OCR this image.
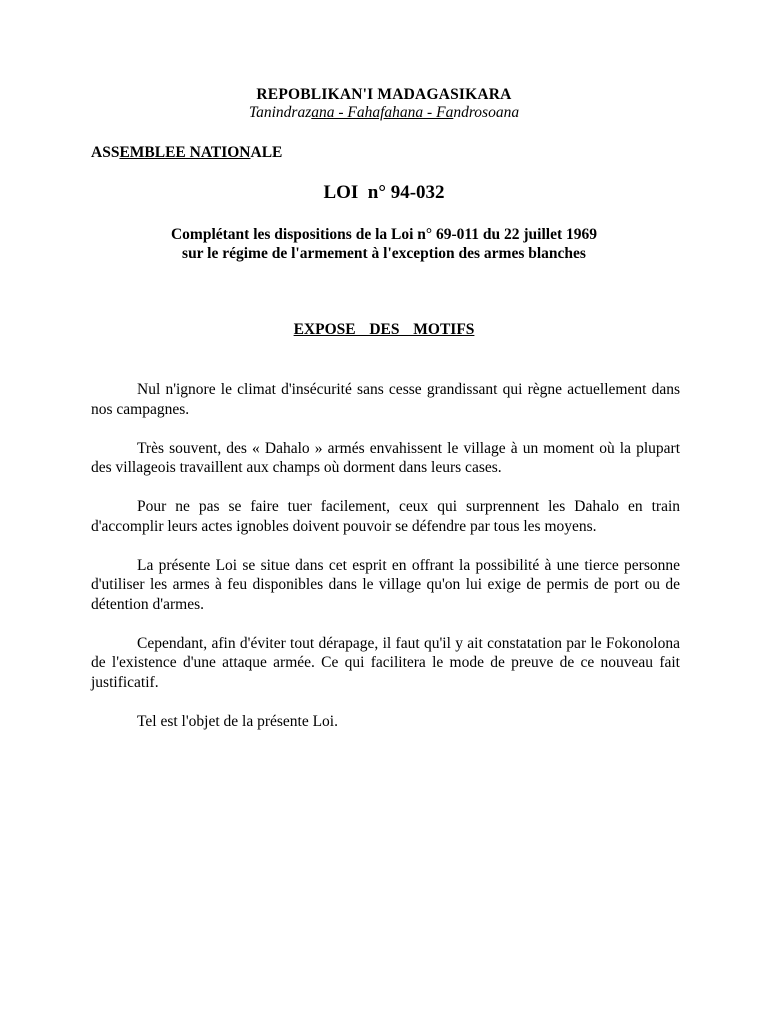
REPOBLIKAN'I MADAGASIKARA
Tanindrazana - Fahafahana - Fandrosoana
ASSEMBLEE NATIONALE
LOI  n° 94-032
Complétant les dispositions de la Loi n° 69-011 du 22 juillet 1969
sur le régime de l'armement à l'exception des armes blanches
EXPOSE  DES  MOTIFS

Nul n'ignore le climat d'insécurité sans cesse grandissant qui règne actuellement dans nos campagnes.

Très souvent, des « Dahalo » armés envahissent le village à un moment où la plupart des villageois travaillent aux champs où dorment dans leurs cases.

Pour ne pas se faire tuer facilement, ceux qui surprennent les Dahalo en train d'accomplir leurs actes ignobles doivent pouvoir se défendre par tous les moyens.

La présente Loi se situe dans cet esprit en offrant la possibilité à une tierce personne d'utiliser les armes à feu disponibles dans le village qu'on lui exige de permis de port ou de détention d'armes.

Cependant, afin d'éviter tout dérapage, il faut qu'il y ait constatation par le Fokonolona de l'existence d'une attaque armée. Ce qui facilitera le mode de preuve de ce nouveau fait justificatif.

Tel est l'objet de la présente Loi.
